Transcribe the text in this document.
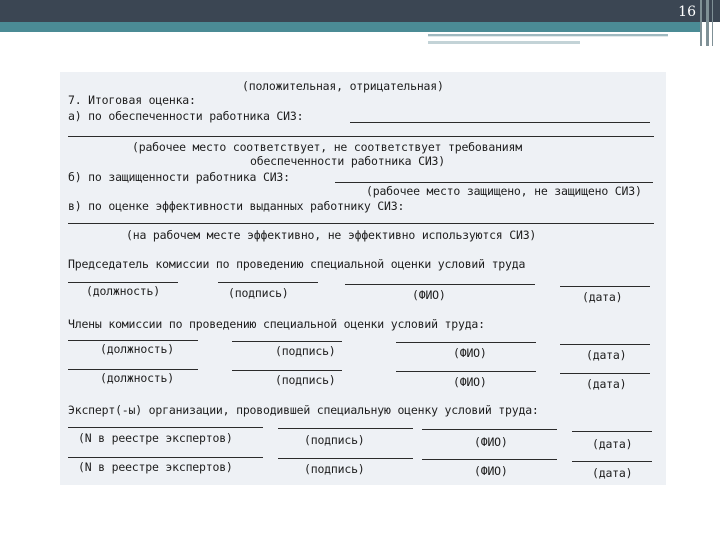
16
(положительная, отрицательная)
7. Итоговая оценка:
а) по обеспеченности работника СИЗ:
(рабочее место соответствует, не соответствует требованиям
обеспеченности работника СИЗ)
б) по защищенности работника СИЗ:
(рабочее место защищено, не защищено СИЗ)
в) по оценке эффективности выданных работнику СИЗ:
(на рабочем месте эффективно, не эффективно используются СИЗ)
Председатель комиссии по проведению специальной оценки условий труда
(должность)	(подпись)	(ФИО)	(дата)
Члены комиссии по проведению специальной оценки условий труда:
(должность)	(подпись)	(ФИО)	(дата)
(должность)	(подпись)	(ФИО)	(дата)
Эксперт(-ы) организации, проводившей специальную оценку условий труда:
(N в реестре экспертов)	(подпись)	(ФИО)	(дата)
(N в реестре экспертов)	(подпись)	(ФИО)	(дата)
